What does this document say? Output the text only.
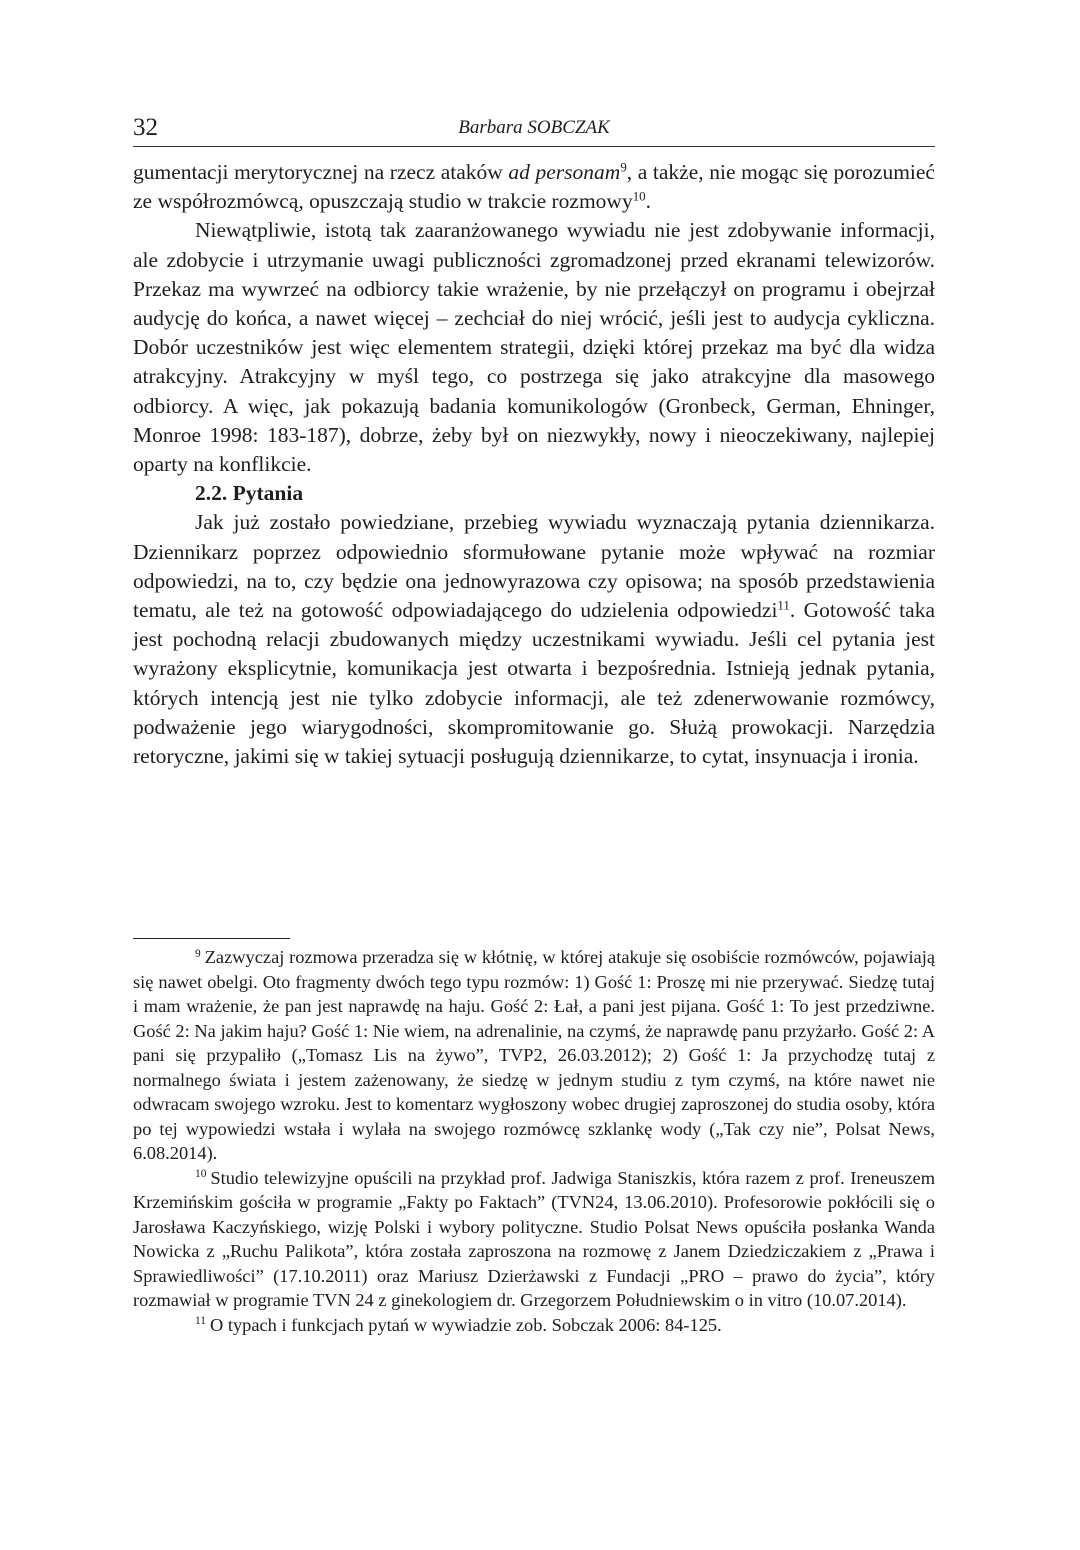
32	Barbara SOBCZAK

gumentacji merytorycznej na rzecz ataków ad personam$^9$, a także, nie mogąc się porozumieć ze współrozmówcą, opuszczają studio w trakcie rozmowy$^{10}$.

Niewątpliwie, istotą tak zaaranżowanego wywiadu nie jest zdobywanie informacji, ale zdobycie i utrzymanie uwagi publiczności zgromadzonej przed ekranami telewizorów. Przekaz ma wywrzeć na odbiorcy takie wrażenie, by nie przełączył on programu i obejrzał audycję do końca, a nawet więcej – zechciał do niej wrócić, jeśli jest to audycja cykliczna. Dobór uczestników jest więc elementem strategii, dzięki której przekaz ma być dla widza atrakcyjny. Atrakcyjny w myśl tego, co postrzega się jako atrakcyjne dla masowego odbiorcy. A więc, jak pokazują badania komunikologów (Gronbeck, German, Ehninger, Monroe 1998: 183-187), dobrze, żeby był on niezwykły, nowy i nieoczekiwany, najlepiej oparty na konflikcie.

2.2. Pytania

Jak już zostało powiedziane, przebieg wywiadu wyznaczają pytania dziennikarza. Dziennikarz poprzez odpowiednio sformułowane pytanie może wpływać na rozmiar odpowiedzi, na to, czy będzie ona jednowyrazowa czy opisowa; na sposób przedstawienia tematu, ale też na gotowość odpowiadającego do udzielenia odpowiedzi$^{11}$. Gotowość taka jest pochodną relacji zbudowanych między uczestnikami wywiadu. Jeśli cel pytania jest wyrażony eksplicytnie, komunikacja jest otwarta i bezpośrednia. Istnieją jednak pytania, których intencją jest nie tylko zdobycie informacji, ale też zdenerwowanie rozmówcy, podważenie jego wiarygodności, skompromitowanie go. Służą prowokacji. Narzędzia retoryczne, jakimi się w takiej sytuacji posługują dziennikarze, to cytat, insynuacja i ironia.

$^9$ Zazwyczaj rozmowa przeradza się w kłótnię, w której atakuje się osobiście rozmówców, pojawiają się nawet obelgi. Oto fragmenty dwóch tego typu rozmów: 1) Gość 1: Proszę mi nie przerywać. Siedzę tutaj i mam wrażenie, że pan jest naprawdę na haju. Gość 2: Łał, a pani jest pijana. Gość 1: To jest przedziwne. Gość 2: Na jakim haju? Gość 1: Nie wiem, na adrenalinie, na czymś, że naprawdę panu przyżarło. Gość 2: A pani się przypaliło („Tomasz Lis na żywo”, TVP2, 26.03.2012); 2) Gość 1: Ja przychodzę tutaj z normalnego świata i jestem zażenowany, że siedzę w jednym studiu z tym czymś, na które nawet nie odwracam swojego wzroku. Jest to komentarz wygłoszony wobec drugiej zaproszonej do studia osoby, która po tej wypowiedzi wstała i wylała na swojego rozmówcę szklankę wody („Tak czy nie”, Polsat News, 6.08.2014).

$^{10}$ Studio telewizyjne opuścili na przykład prof. Jadwiga Staniszkis, która razem z prof. Ireneuszem Krzemińskim gościła w programie „Fakty po Faktach” (TVN24, 13.06.2010). Profesorowie pokłócili się o Jarosława Kaczyńskiego, wizję Polski i wybory polityczne. Studio Polsat News opuściła posłanka Wanda Nowicka z „Ruchu Palikota”, która została zaproszona na rozmowę z Janem Dziedziczakiem z „Prawa i Sprawiedliwości” (17.10.2011) oraz Mariusz Dzierżawski z Fundacji „PRO – prawo do życia”, który rozmawiał w programie TVN 24 z ginekologiem dr. Grzegorzem Południewskim o in vitro (10.07.2014).

$^{11}$ O typach i funkcjach pytań w wywiadzie zob. Sobczak 2006: 84-125.
